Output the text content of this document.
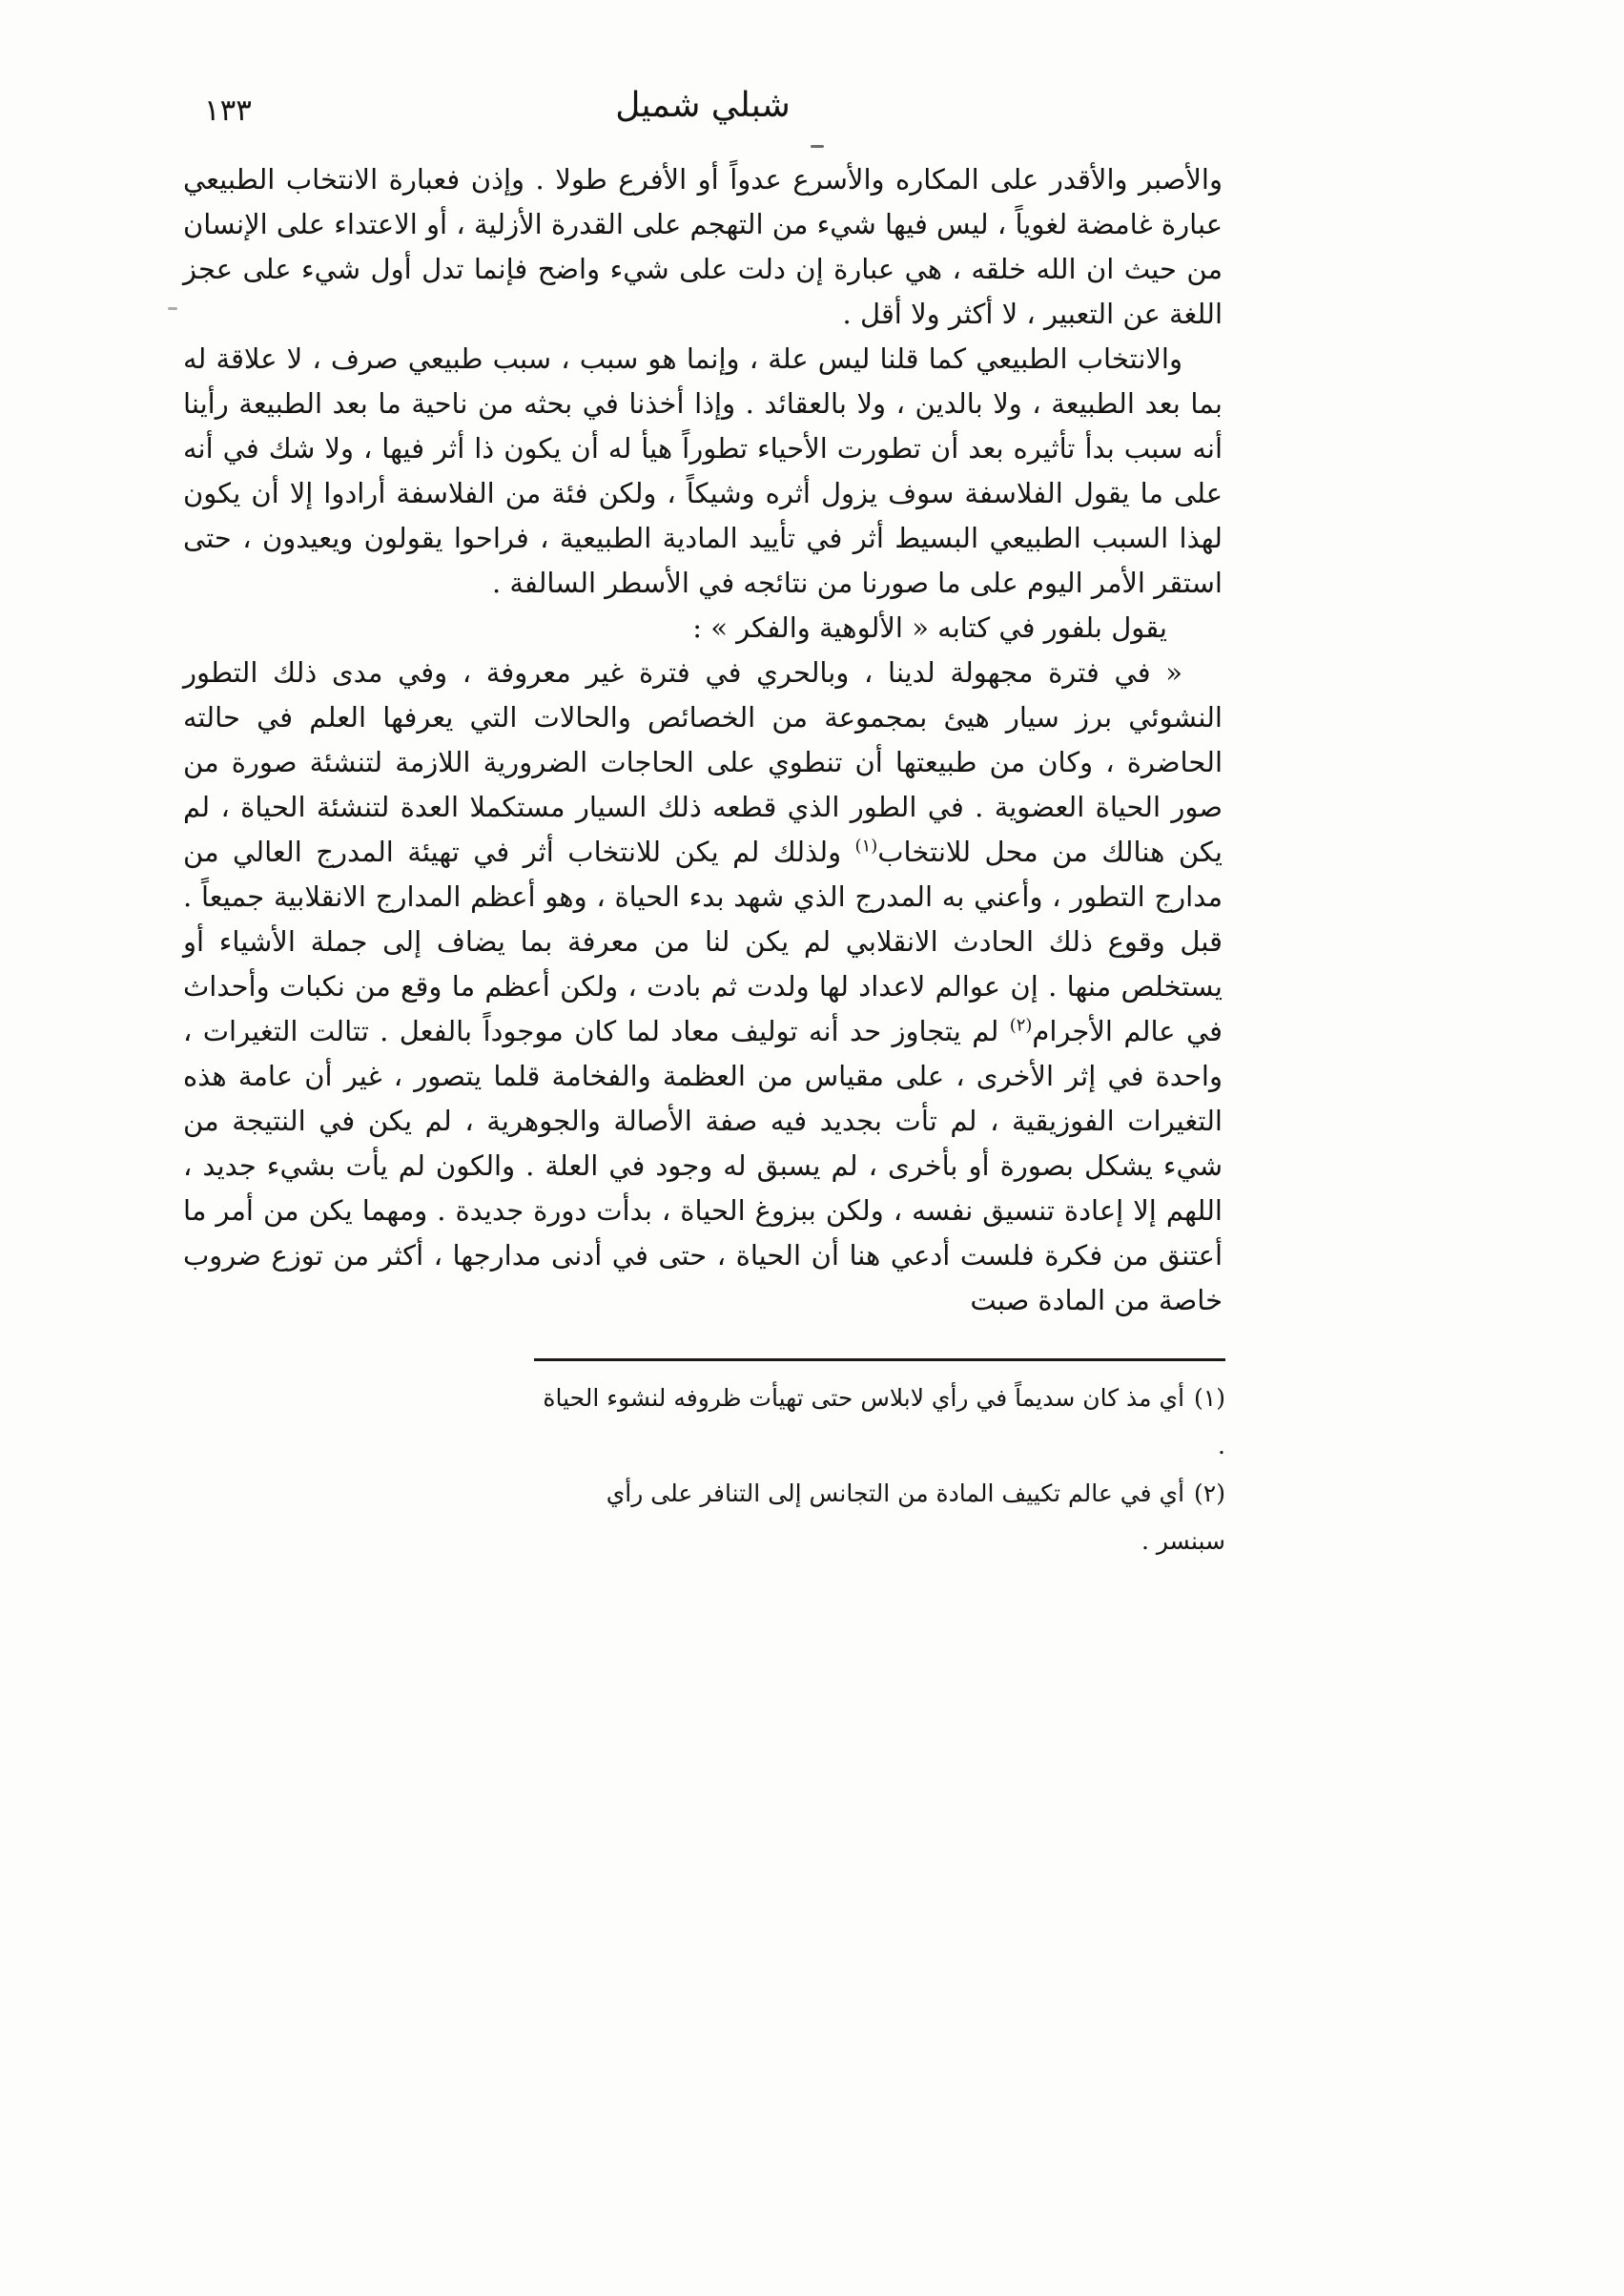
١٣٣	شبلي شميل

والأصبر والأقدر على المكاره والأسرع عدواً أو الأفرع طولا . وإذن فعبارة الانتخاب الطبيعي عبارة غامضة لغوياً ، ليس فيها شيء من التهجم على القدرة الأزلية ، أو الاعتداء على الإنسان من حيث ان الله خلقه ، هي عبارة إن دلت على شيء واضح فإنما تدل أول شيء على عجز اللغة عن التعبير ، لا أكثر ولا أقل .

والانتخاب الطبيعي كما قلنا ليس علة ، وإنما هو سبب ، سبب طبيعي صرف ، لا علاقة له بما بعد الطبيعة ، ولا بالدين ، ولا بالعقائد . وإذا أخذنا في بحثه من ناحية ما بعد الطبيعة رأينا أنه سبب بدأ تأثيره بعد أن تطورت الأحياء تطوراً هيأ له أن يكون ذا أثر فيها ، ولا شك في أنه على ما يقول الفلاسفة سوف يزول أثره وشيكاً ، ولكن فئة من الفلاسفة أرادوا إلا أن يكون لهذا السبب الطبيعي البسيط أثر في تأييد المادية الطبيعية ، فراحوا يقولون ويعيدون ، حتى استقر الأمر اليوم على ما صورنا من نتائجه في الأسطر السالفة .

يقول بلفور في كتابه « الألوهية والفكر » :

« في فترة مجهولة لدينا ، وبالحري في فترة غير معروفة ، وفي مدى ذلك التطور النشوئي برز سيار هيئ بمجموعة من الخصائص والحالات التي يعرفها العلم في حالته الحاضرة ، وكان من طبيعتها أن تنطوي على الحاجات الضرورية اللازمة لتنشئة صورة من صور الحياة العضوية . في الطور الذي قطعه ذلك السيار مستكملا العدة لتنشئة الحياة ، لم يكن هنالك من محل للانتخاب$^{(١)}$ ولذلك لم يكن للانتخاب أثر في تهيئة المدرج العالي من مدارج التطور ، وأعني به المدرج الذي شهد بدء الحياة ، وهو أعظم المدارج الانقلابية جميعاً . قبل وقوع ذلك الحادث الانقلابي لم يكن لنا من معرفة بما يضاف إلى جملة الأشياء أو يستخلص منها . إن عوالم لاعداد لها ولدت ثم بادت ، ولكن أعظم ما وقع من نكبات وأحداث في عالم الأجرام$^{(٢)}$ لم يتجاوز حد أنه توليف معاد لما كان موجوداً بالفعل . تتالت التغيرات ، واحدة في إثر الأخرى ، على مقياس من العظمة والفخامة قلما يتصور ، غير أن عامة هذه التغيرات الفوزيقية ، لم تأت بجديد فيه صفة الأصالة والجوهرية ، لم يكن في النتيجة من شيء يشكل بصورة أو بأخرى ، لم يسبق له وجود في العلة . والكون لم يأت بشيء جديد ، اللهم إلا إعادة تنسيق نفسه ، ولكن ببزوغ الحياة ، بدأت دورة جديدة . ومهما يكن من أمر ما أعتنق من فكرة فلست أدعي هنا أن الحياة ، حتى في أدنى مدارجها ، أكثر من توزع ضروب خاصة من المادة صبت

(١)أي مذ كان سديماً في رأي لابلاس حتى تهيأت ظروفه لنشوء الحياة .

(٢)أي في عالم تكييف المادة من التجانس إلى التنافر على رأي سبنسر .
